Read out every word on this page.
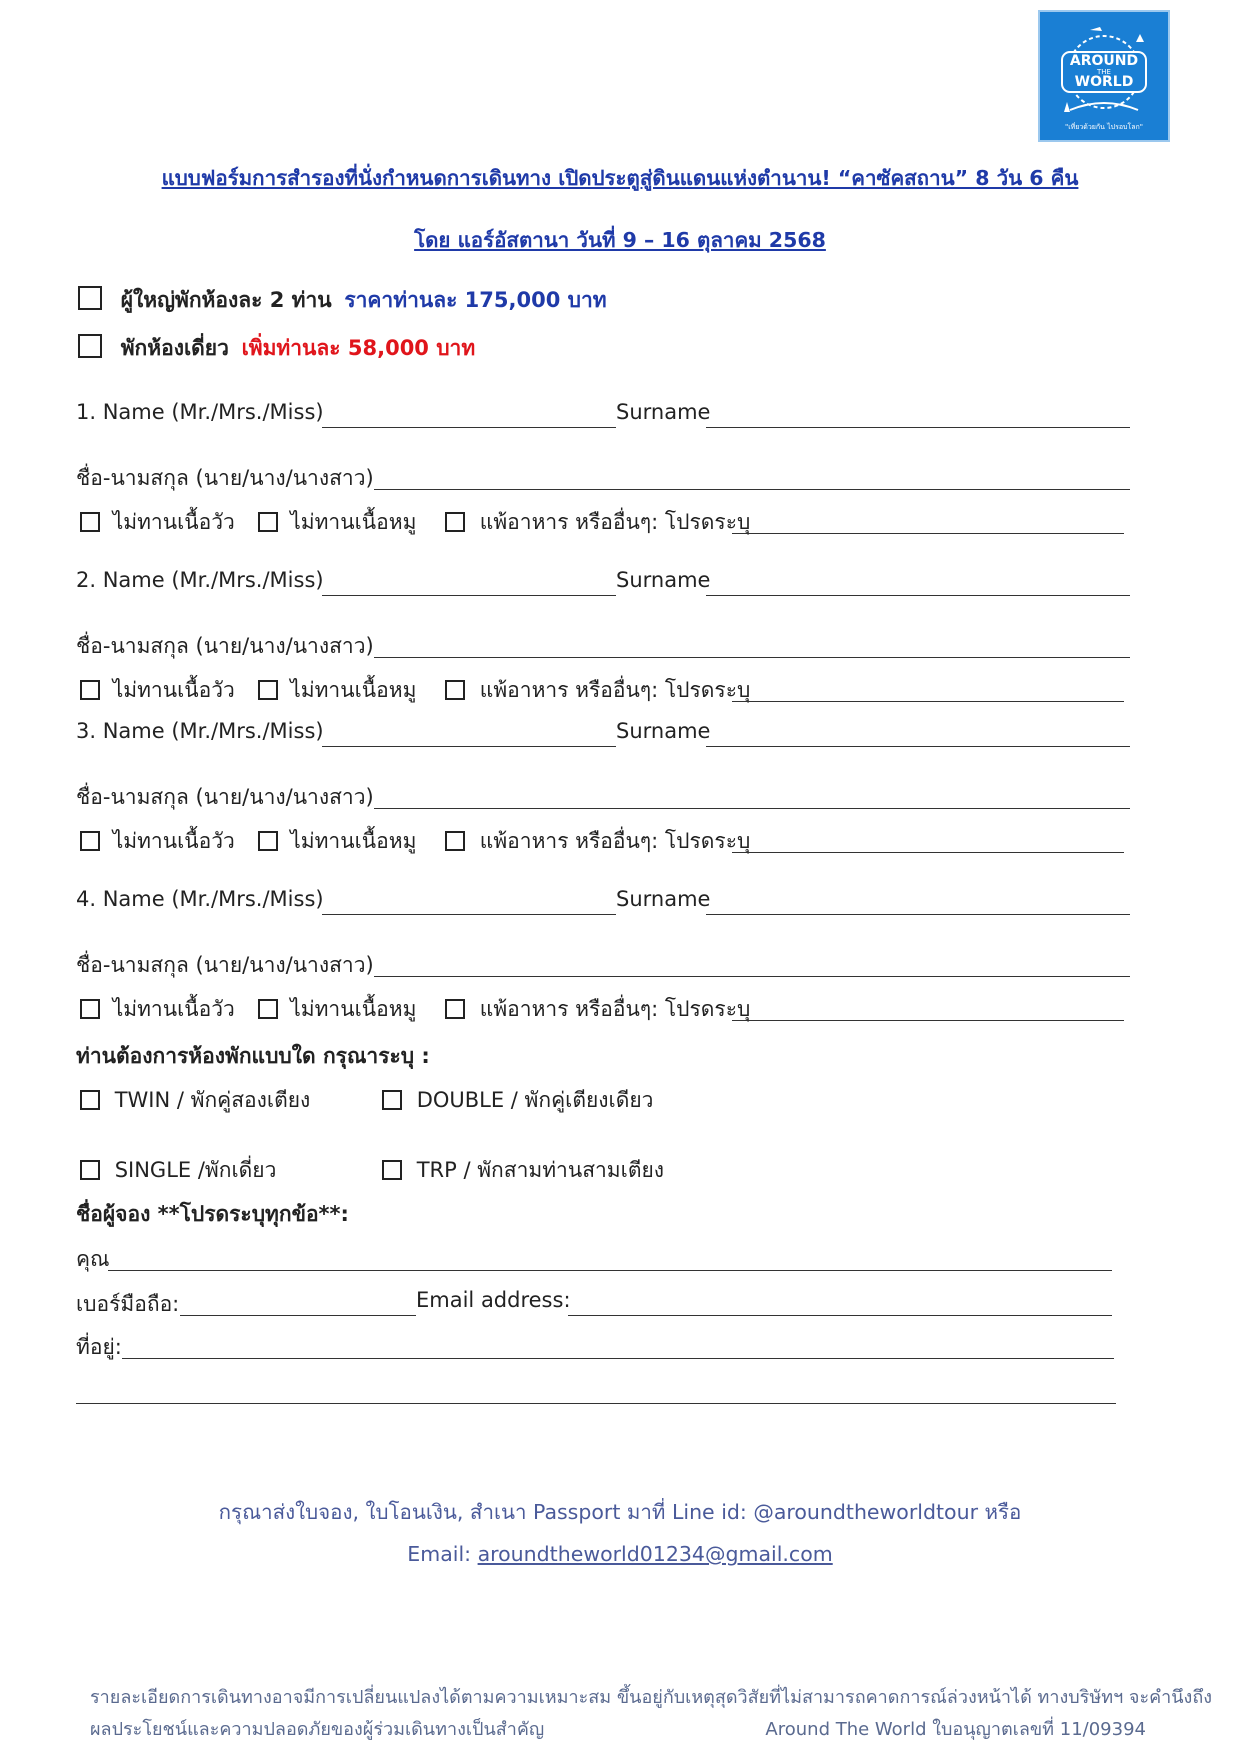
AROUND
THE
WORLD
"เที่ยวด้วยกัน ไปรอบโลก"
แบบฟอร์มการสำรองที่นั่งกำหนดการเดินทาง เปิดประตูสู่ดินแดนแห่งตำนาน! “คาซัคสถาน” 8 วัน 6 คืน
โดย แอร์อัสตานา วันที่ 9 – 16 ตุลาคม 2568
ผู้ใหญ่พักห้องละ 2 ท่าน ราคาท่านละ 175,000 บาท
พักห้องเดี่ยว เพิ่มท่านละ 58,000 บาท
1. Name (Mr./Mrs./Miss)	Surname
ชื่อ-นามสกุล (นาย/นาง/นางสาว)
ไม่ทานเนื้อวัว	ไม่ทานเนื้อหมู	แพ้อาหาร หรืออื่นๆ: โปรดระบุ
2. Name (Mr./Mrs./Miss)	Surname
ชื่อ-นามสกุล (นาย/นาง/นางสาว)
ไม่ทานเนื้อวัว	ไม่ทานเนื้อหมู	แพ้อาหาร หรืออื่นๆ: โปรดระบุ
3. Name (Mr./Mrs./Miss)	Surname
ชื่อ-นามสกุล (นาย/นาง/นางสาว)
ไม่ทานเนื้อวัว	ไม่ทานเนื้อหมู	แพ้อาหาร หรืออื่นๆ: โปรดระบุ
4. Name (Mr./Mrs./Miss)	Surname
ชื่อ-นามสกุล (นาย/นาง/นางสาว)
ไม่ทานเนื้อวัว	ไม่ทานเนื้อหมู	แพ้อาหาร หรืออื่นๆ: โปรดระบุ
ท่านต้องการห้องพักแบบใด กรุณาระบุ :
TWIN / พักคู่สองเตียง	DOUBLE / พักคู่เตียงเดียว
SINGLE /พักเดี่ยว	TRP / พักสามท่านสามเตียง
ชื่อผู้จอง **โปรดระบุทุกข้อ**:
คุณ
เบอร์มือถือ:	Email address:
ที่อยู่:
กรุณาส่งใบจอง, ใบโอนเงิน, สำเนา Passport มาที่ Line id: @aroundtheworldtour หรือ
Email: aroundtheworld01234@gmail.com
รายละเอียดการเดินทางอาจมีการเปลี่ยนแปลงได้ตามความเหมาะสม ขึ้นอยู่กับเหตุสุดวิสัยที่ไม่สามารถคาดการณ์ล่วงหน้าได้ ทางบริษัทฯ จะคำนึงถึง
ผลประโยชน์และความปลอดภัยของผู้ร่วมเดินทางเป็นสำคัญ	Around The World ใบอนุญาตเลขที่ 11/09394
